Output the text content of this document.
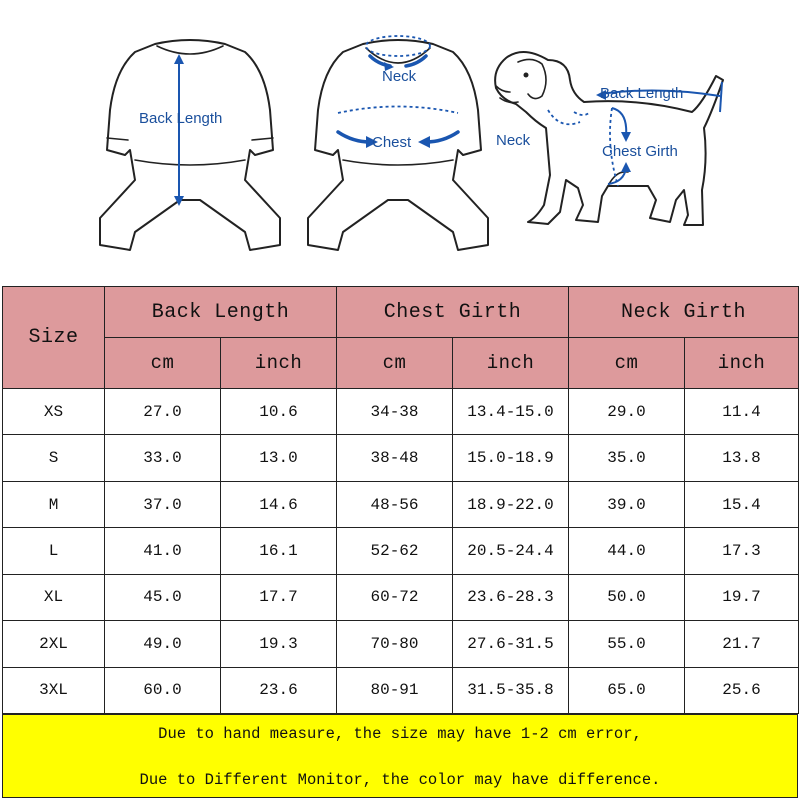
Back Length
Neck
Chest
Back Length
Neck
Chest Girth
Size	Back Length		Chest Girth		Neck Girth	
	cm	inch	cm	inch	cm	inch
XS	27.0	10.6	34-38	13.4-15.0	29.0	11.4
S	33.0	13.0	38-48	15.0-18.9	35.0	13.8
M	37.0	14.6	48-56	18.9-22.0	39.0	15.4
L	41.0	16.1	52-62	20.5-24.4	44.0	17.3
XL	45.0	17.7	60-72	23.6-28.3	50.0	19.7
2XL	49.0	19.3	70-80	27.6-31.5	55.0	21.7
3XL	60.0	23.6	80-91	31.5-35.8	65.0	25.6
Due to hand measure, the size may have 1-2 cm error,
Due to Different Monitor, the color may have difference.
